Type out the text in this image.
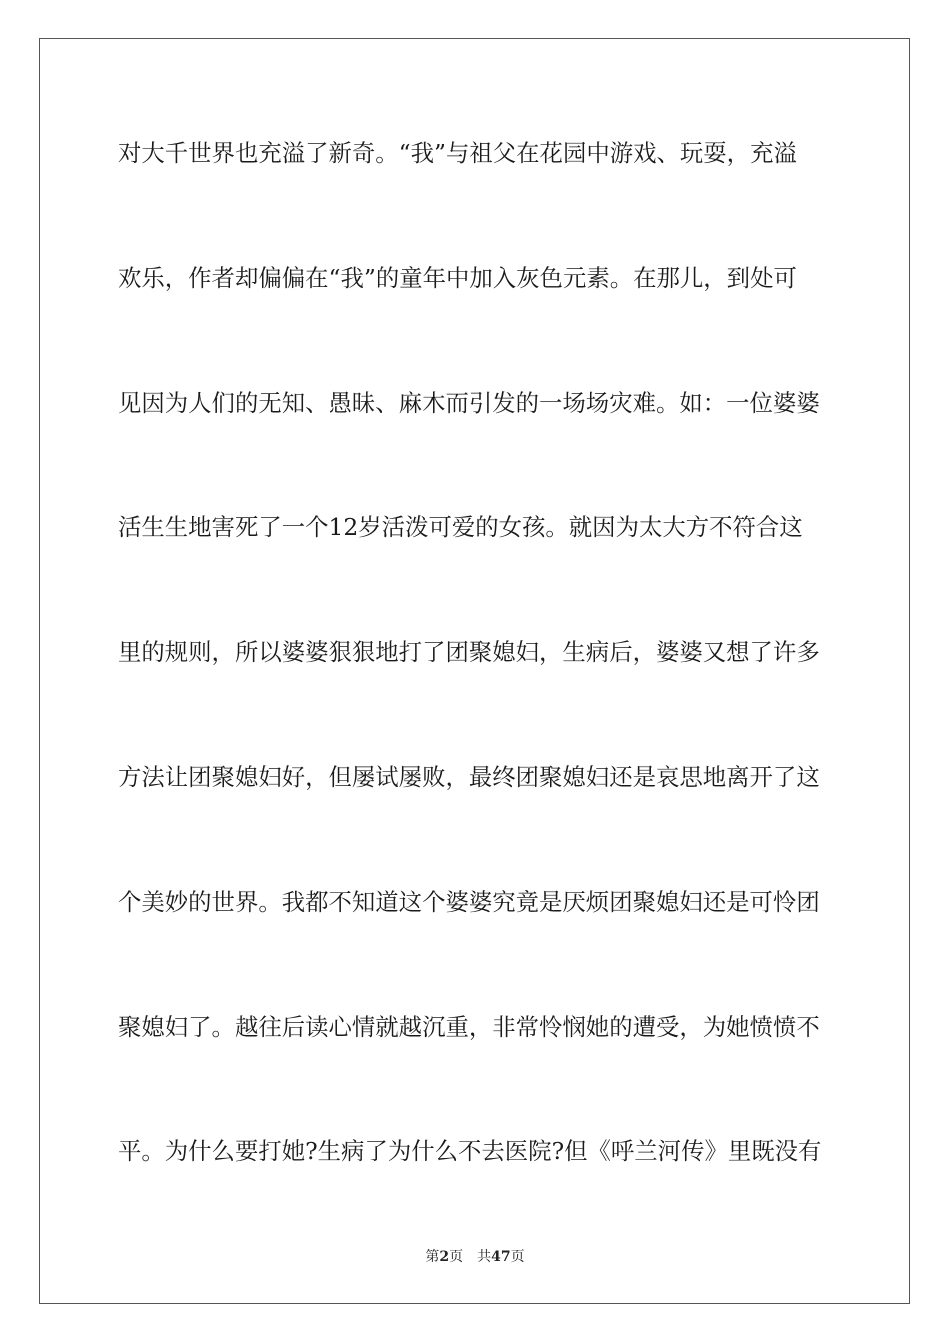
对大千世界也充溢了新奇。“我”与祖父在花园中游戏、玩耍，充溢
欢乐，作者却偏偏在“我”的童年中加入灰色元素。在那儿，到处可
见因为人们的无知、愚昧、麻木而引发的一场场灾难。如：一位婆婆
活生生地害死了一个12岁活泼可爱的女孩。就因为太大方不符合这
里的规则，所以婆婆狠狠地打了团聚媳妇，生病后，婆婆又想了许多
方法让团聚媳妇好，但屡试屡败，最终团聚媳妇还是哀思地离开了这
个美妙的世界。我都不知道这个婆婆究竟是厌烦团聚媳妇还是可怜团
聚媳妇了。越往后读心情就越沉重，非常怜悯她的遭受，为她愤愤不
平。为什么要打她?生病了为什么不去医院?但《呼兰河传》里既没有
第2页 共47页
